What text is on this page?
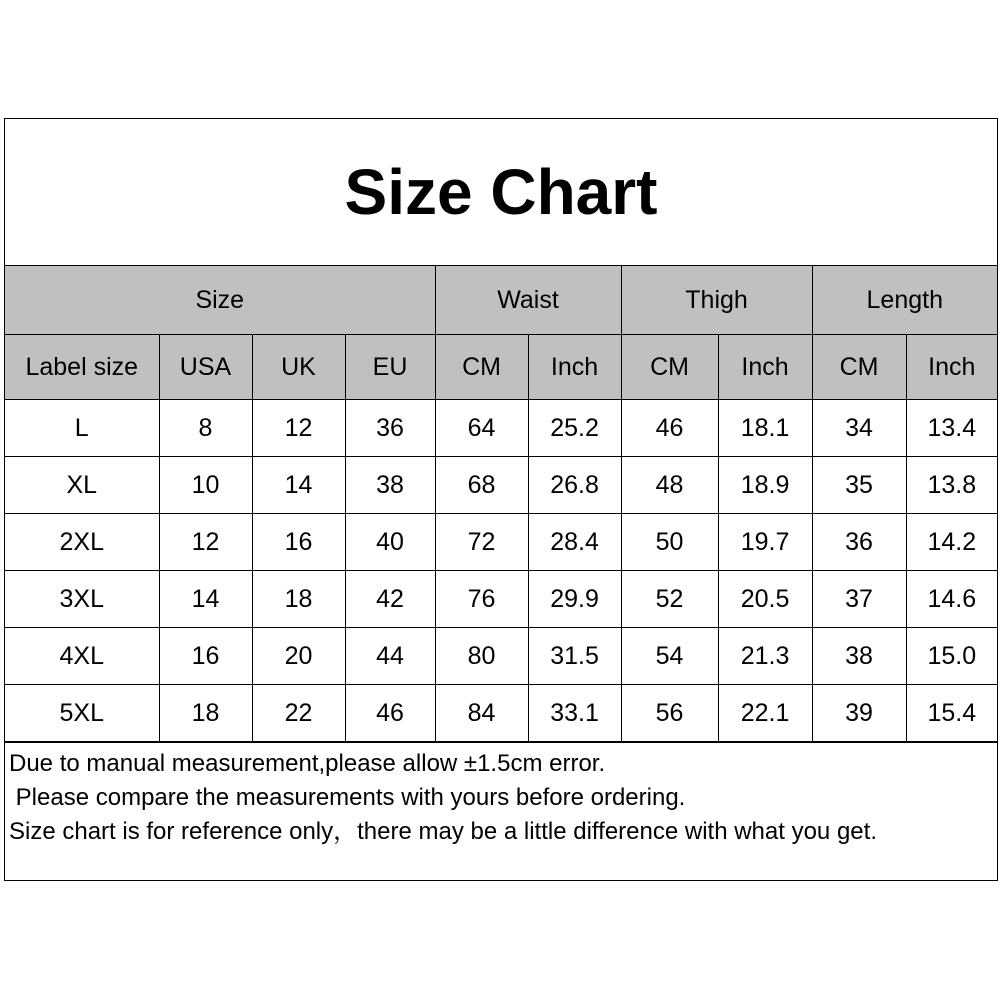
Size Chart
Size				Waist		Thigh		Length	
Label size	USA	UK	EU	CM	Inch	CM	Inch	CM	Inch
L	8	12	36	64	25.2	46	18.1	34	13.4
XL	10	14	38	68	26.8	48	18.9	35	13.8
2XL	12	16	40	72	28.4	50	19.7	36	14.2
3XL	14	18	42	76	29.9	52	20.5	37	14.6
4XL	16	20	44	80	31.5	54	21.3	38	15.0
5XL	18	22	46	84	33.1	56	22.1	39	15.4
Due to manual measurement,please allow ±1.5cm error.
Please compare the measurements with yours before ordering.
Size chart is for reference only，there may be a little difference with what you get.
